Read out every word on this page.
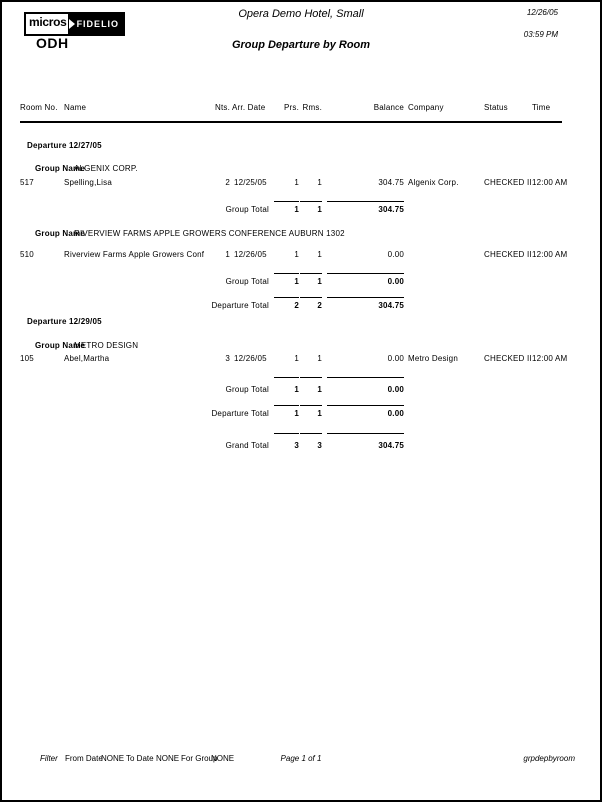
micros FIDELIO
ODH
Opera Demo Hotel, Small
Group Departure by Room
12/26/05
03:59 PM
Room No. Name	Nts. Arr. Date	Prs. Rms.	Balance Company	Status	Time
Departure 12/27/05
Group Name
ALGENIX CORP.
517	Spelling,Lisa	2 12/25/05	1	1	304.75 Algenix Corp.	CHECKED II 12:00 AM
Group Total	1	1	304.75
Group Name
RIVERVIEW FARMS APPLE GROWERS CONFERENCE AUBURN 1302
510	Riverview Farms Apple Growers Conf	1 12/26/05	1	1	0.00	CHECKED II 12:00 AM
Group Total	1	1	0.00
Departure Total	2	2	304.75
Departure 12/29/05
Group Name
METRO DESIGN
105	Abel,Martha	3 12/26/05	1	1	0.00 Metro Design	CHECKED II 12:00 AM
Group Total	1	1	0.00
Departure Total	1	1	0.00
Grand Total	3	3	304.75
Page 1 of 1
Filter From Date
NONE To Date NONE For Group
NONE	grpdepbyroom
